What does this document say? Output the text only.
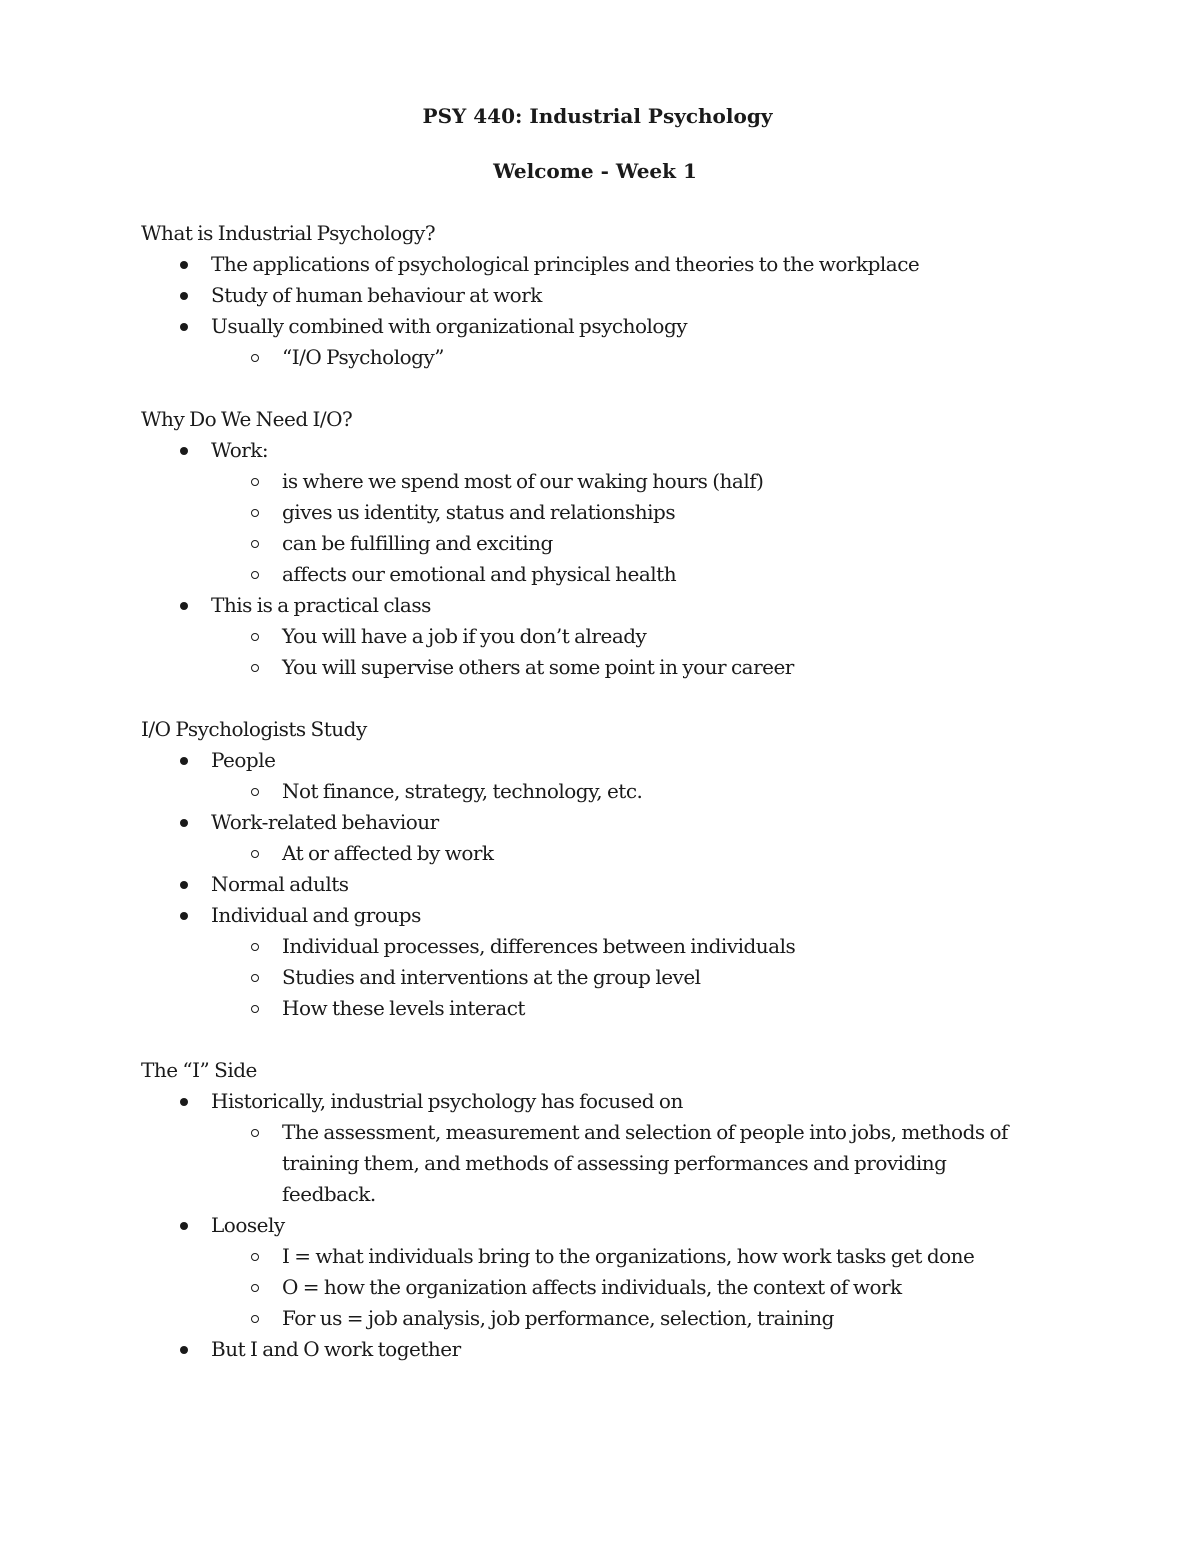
PSY 440: Industrial Psychology
Welcome - Week 1

What is Industrial Psychology?

The applications of psychological principles and theories to the workplace
Study of human behaviour at work
Usually combined with organizational psychology
“I/O Psychology”

Why Do We Need I/O?

Work:
is where we spend most of our waking hours (half)
gives us identity, status and relationships
can be fulfilling and exciting
affects our emotional and physical health
This is a practical class
You will have a job if you don’t already
You will supervise others at some point in your career

I/O Psychologists Study

People
Not finance, strategy, technology, etc.
Work-related behaviour
At or affected by work
Normal adults
Individual and groups
Individual processes, differences between individuals
Studies and interventions at the group level
How these levels interact

The “I” Side

Historically, industrial psychology has focused on
The assessment, measurement and selection of people into jobs, methods of training them, and methods of assessing performances and providing feedback.
Loosely
I = what individuals bring to the organizations, how work tasks get done
O = how the organization affects individuals, the context of work
For us = job analysis, job performance, selection, training
But I and O work together
